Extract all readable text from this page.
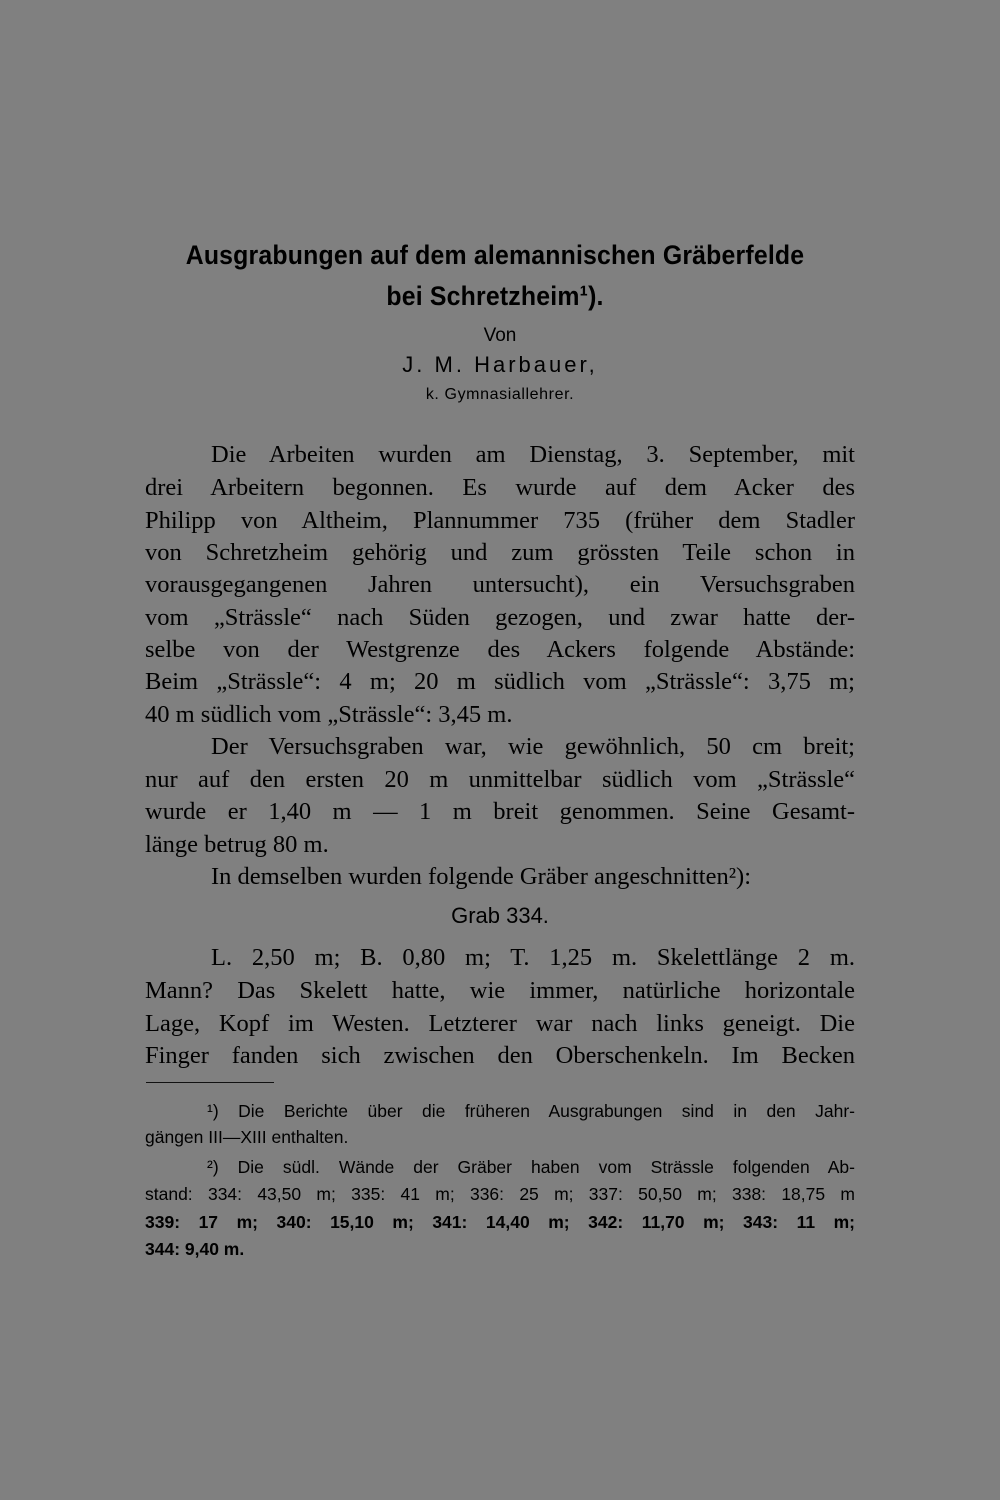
Ausgrabungen auf dem alemannischen Gräberfelde
bei Schretzheim¹).
Von
J. M. Harbauer,
k. Gymnasiallehrer.
Die Arbeiten wurden am Dienstag, 3. September, mit
drei Arbeitern begonnen. Es wurde auf dem Acker des
Philipp von Altheim, Plannummer 735 (früher dem Stadler
von Schretzheim gehörig und zum grössten Teile schon in
vorausgegangenen Jahren untersucht), ein Versuchsgraben
vom „Strässle“ nach Süden gezogen, und zwar hatte der-
selbe von der Westgrenze des Ackers folgende Abstände:
Beim „Strässle“: 4 m; 20 m südlich vom „Strässle“: 3,75 m;
40 m südlich vom „Strässle“: 3,45 m.
Der Versuchsgraben war, wie gewöhnlich, 50 cm breit;
nur auf den ersten 20 m unmittelbar südlich vom „Strässle“
wurde er 1,40 m — 1 m breit genommen. Seine Gesamt-
länge betrug 80 m.
In demselben wurden folgende Gräber angeschnitten²):
Grab 334.
L. 2,50 m; B. 0,80 m; T. 1,25 m. Skelettlänge 2 m.
Mann? Das Skelett hatte, wie immer, natürliche horizontale
Lage, Kopf im Westen. Letzterer war nach links geneigt. Die
Finger fanden sich zwischen den Oberschenkeln. Im Becken
¹) Die Berichte über die früheren Ausgrabungen sind in den Jahr-
gängen III—XIII enthalten.
²) Die südl. Wände der Gräber haben vom Strässle folgenden Ab-
stand: 334: 43,50 m; 335: 41 m; 336: 25 m; 337: 50,50 m; 338: 18,75 m
339: 17 m; 340: 15,10 m; 341: 14,40 m; 342: 11,70 m; 343: 11 m;
344: 9,40 m.
